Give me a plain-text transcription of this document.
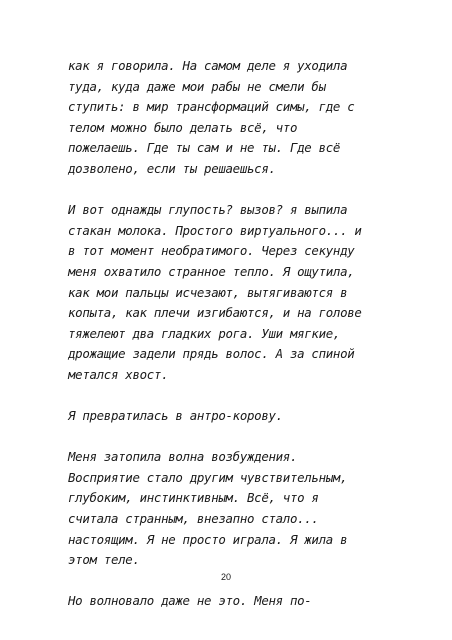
как я говорила. На самом деле я уходила
туда, куда даже мои рабы не смели бы
ступить: в мир трансформаций симы, где с
телом можно было делать всё, что
пожелаешь. Где ты сам и не ты. Где всё
дозволено, если ты решаешься.

И вот однажды глупость? вызов? я выпила
стакан молока. Простого виртуального... и
в тот момент необратимого. Через секунду
меня охватило странное тепло. Я ощутила,
как мои пальцы исчезают, вытягиваются в
копыта, как плечи изгибаются, и на голове
тяжелеют два гладких рога. Уши мягкие,
дрожащие задели прядь волос. А за спиной
метался хвост.

Я превратилась в антро-корову.

Меня затопила волна возбуждения.
Восприятие стало другим чувствительным,
глубоким, инстинктивным. Всё, что я
считала странным, внезапно стало...
настоящим. Я не просто играла. Я жила в
этом теле.

Но волновало даже не это. Меня по-

20
